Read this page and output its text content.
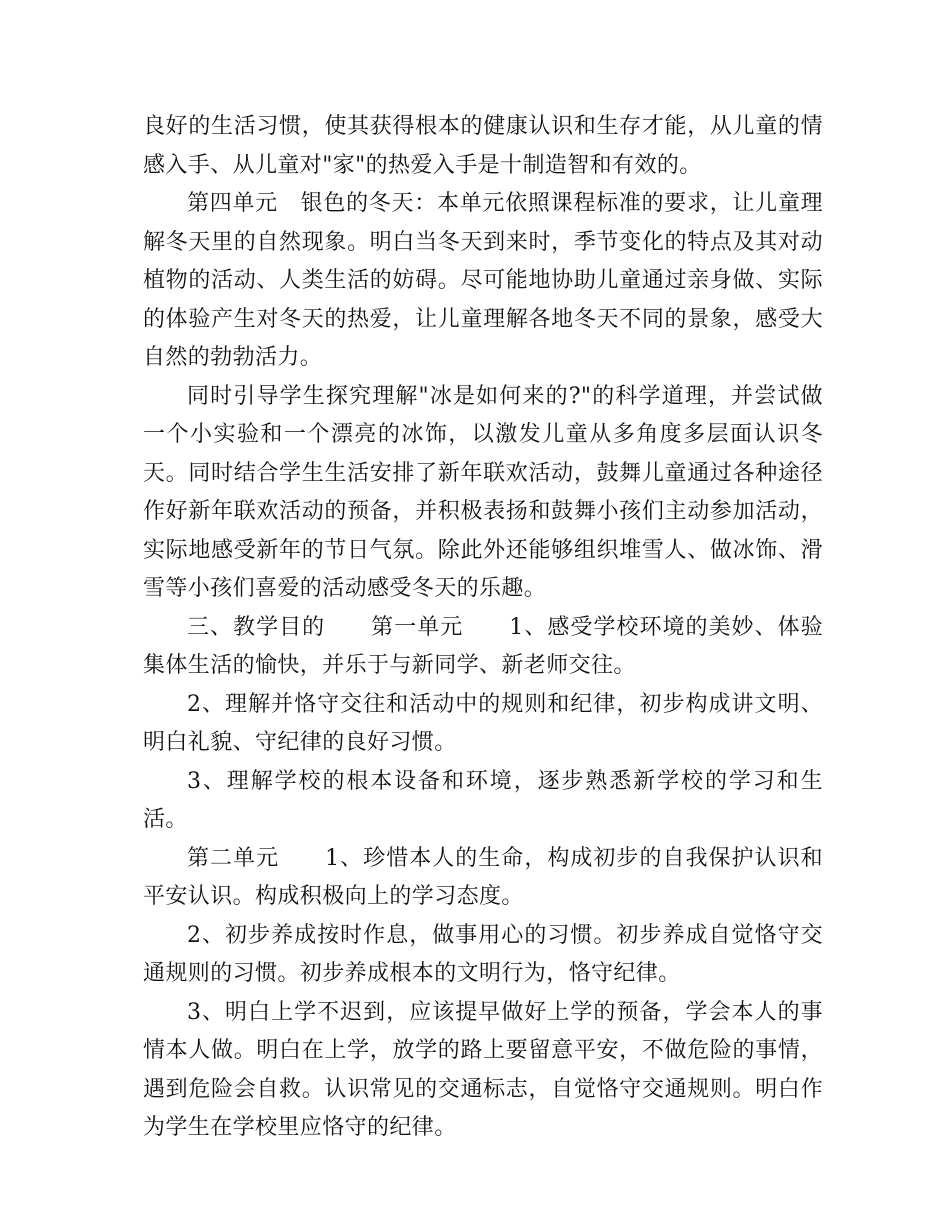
良好的生活习惯，使其获得根本的健康认识和生存才能，从儿童的情感入手、从儿童对"家"的热爱入手是十制造智和有效的。

第四单元　银色的冬天：本单元依照课程标准的要求，让儿童理解冬天里的自然现象。明白当冬天到来时，季节变化的特点及其对动植物的活动、人类生活的妨碍。尽可能地协助儿童通过亲身做、实际的体验产生对冬天的热爱，让儿童理解各地冬天不同的景象，感受大自然的勃勃活力。

同时引导学生探究理解"冰是如何来的?"的科学道理，并尝试做一个小实验和一个漂亮的冰饰，以激发儿童从多角度多层面认识冬天。同时结合学生生活安排了新年联欢活动，鼓舞儿童通过各种途径作好新年联欢活动的预备，并积极表扬和鼓舞小孩们主动参加活动，实际地感受新年的节日气氛。除此外还能够组织堆雪人、做冰饰、滑雪等小孩们喜爱的活动感受冬天的乐趣。

三、教学目的　　第一单元　　1、感受学校环境的美妙、体验集体生活的愉快，并乐于与新同学、新老师交往。

2、理解并恪守交往和活动中的规则和纪律，初步构成讲文明、明白礼貌、守纪律的良好习惯。

3、理解学校的根本设备和环境，逐步熟悉新学校的学习和生活。

第二单元　　1、珍惜本人的生命，构成初步的自我保护认识和平安认识。构成积极向上的学习态度。

2、初步养成按时作息，做事用心的习惯。初步养成自觉恪守交通规则的习惯。初步养成根本的文明行为，恪守纪律。

3、明白上学不迟到，应该提早做好上学的预备，学会本人的事情本人做。明白在上学，放学的路上要留意平安，不做危险的事情，遇到危险会自救。认识常见的交通标志，自觉恪守交通规则。明白作为学生在学校里应恪守的纪律。
